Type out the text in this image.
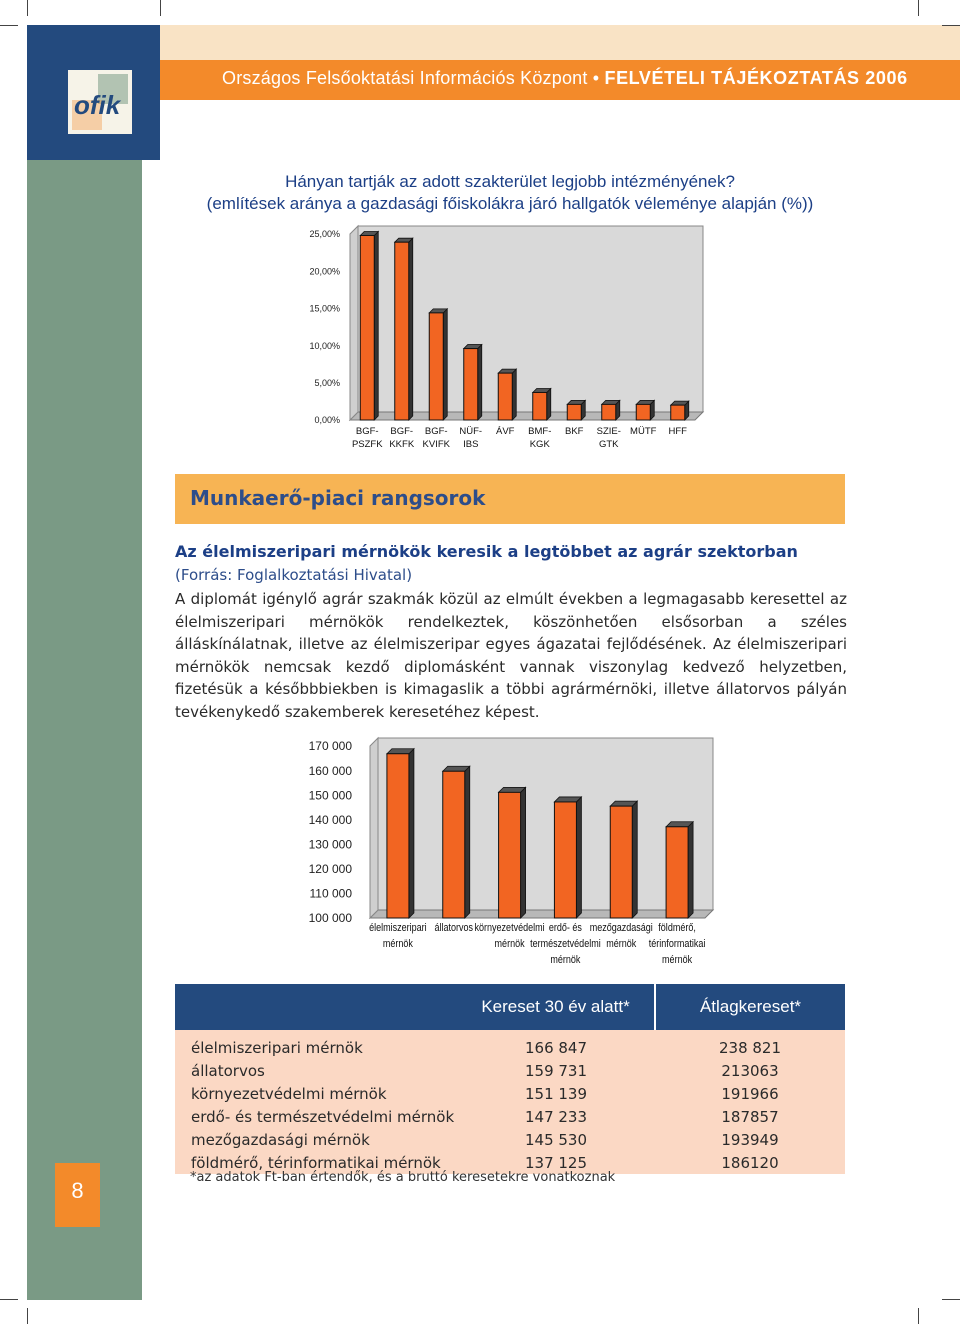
ofik
Országos Felsőoktatási Információs Központ • FELVÉTELI TÁJÉKOZTATÁS 2006
Hányan tartják az adott szakterület legjobb intézményének?
(említések aránya a gazdasági főiskolákra járó hallgatók véleménye alapján (%))
0,00%
5,00%
10,00%
15,00%
20,00%
25,00%
BGF-
PSZFK
BGF-
KKFK
BGF-
KVIFK
NÜF-
IBS
ÁVF BMF-
KGK
BKF SZIE-
GTK
MÜTF HFF
Munkaerő-piaci rangsorok
Az élelmiszeripari mérnökök keresik a legtöbbet az agrár szektorban
(Forrás: Foglalkoztatási Hivatal)
A diplomát igénylő agrár szakmák közül az elmúlt években a legmagasabb keresettel az élelmiszeripari mérnökök rendelkeztek, köszönhetően elsősorban a széles álláskínálatnak, illetve az élelmiszeripar egyes ágazatai fejlődésének. Az élelmiszeripari mérnökök nemcsak kezdő diplomásként vannak viszonylag kedvező helyzetben, fizetésük a későbbbiekben is kimagaslik a többi agrármérnöki, illetve állatorvos pályán tevékenykedő szakemberek keresetéhez képest.
100 000
110 000
120 000
130 000
140 000
150 000
160 000
170 000
élelmiszeripari
mérnök
állatorvos környezetvédelmi
mérnök
erdő- és
természetvédelmi
mérnök
mezőgazdasági
mérnök
földmérő,
térinformatikai
mérnök
	Kereset 30 év alatt*	Átlagkereset*

élelmiszeripari mérnök	166 847	238 821
állatorvos	159 731	213063
környezetvédelmi mérnök	151 139	191966
erdő- és természetvédelmi mérnök	147 233	187857
mezőgazdasági mérnök	145 530	193949
földmérő, térinformatikai mérnök	137 125	186120
*az adatok Ft-ban értendők, és a bruttó keresetekre vonatkoznak
8
